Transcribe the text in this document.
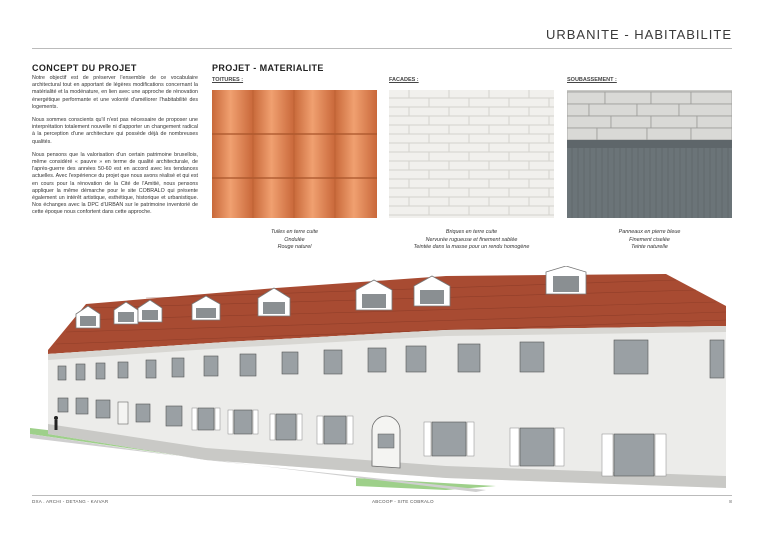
URBANITE - HABITABILITE
CONCEPT DU PROJET

Notre objectif est de préserver l'ensemble de ce vocabulaire architectural tout en apportant de légères modifications concernant la matérialité et la modénature, en lien avec une approche de rénovation énergétique performante et une volonté d'améliorer l'habitabilité des logements.

Nous sommes conscients qu'il n'est pas nécessaire de proposer une interprétation totalement nouvelle ni d'apporter un changement radical à la perception d'une architecture qui possède déjà de nombreuses qualités.

Nous pensons que la valorisation d'un certain patrimoine bruxellois, même considéré « pauvre » en terme de qualité architecturale, de l'après-guerre des années 50-60 est en accord avec les tendances actuelles. Avec l'expérience du projet que nous avons réalisé et qui est en cours pour la rénovation de la Cité de l'Amitié, nous pensons appliquer la même démarche pour le site COBRALO qui présente également un intérêt artistique, esthétique, historique et urbanistique. Nos échanges avec la DPC d'URBAN sur le patrimoine inventorié de cette époque nous confortent dans cette approche.

PROJET - MATERIALITE
TOITURES :
Tuiles en terre cuite
Ondulée
Rouge naturel
FACADES :
Briques en terre cuite
Nervurée rugueuse et finement sablée
Teintée dans la masse pour un rendu homogène
SOUBASSEMENT :
Panneaux en pierre bleue
Finement ciselée
Teinte naturelle
DXA . ARCHI - DETANG - KAIVAR	ABCOOP - SITE COBRALO	8
